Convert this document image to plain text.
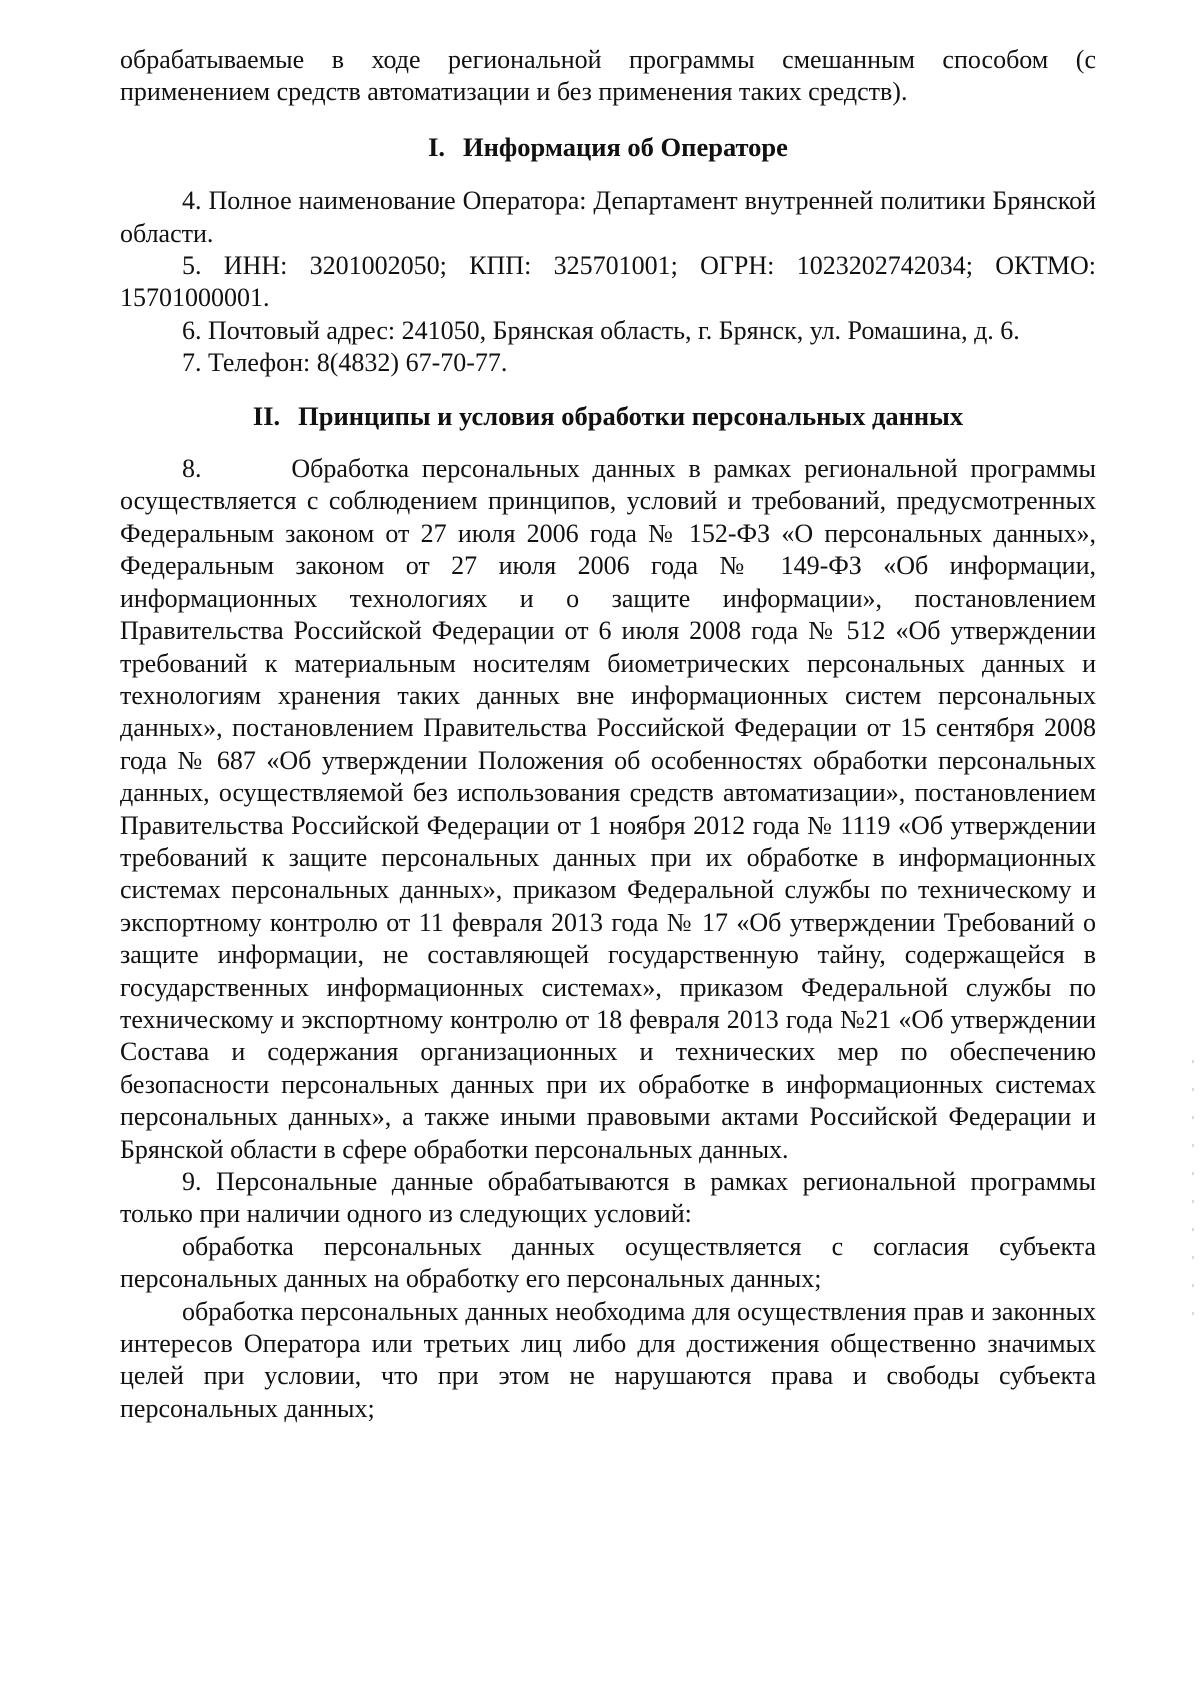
обрабатываемые в ходе региональной программы смешанным способом (с применением средств автоматизации и без применения таких средств).

I. Информация об Операторе

4. Полное наименование Оператора: Департамент внутренней политики Брянской области.

5. ИНН: 3201002050; КПП: 325701001; ОГРН: 1023202742034; ОКТМО: 15701000001.

6. Почтовый адрес: 241050, Брянская область, г. Брянск, ул. Ромашина, д. 6.

7. Телефон: 8(4832) 67-70-77.

II. Принципы и условия обработки персональных данных

8.       Обработка персональных данных в рамках региональной программы осуществляется с соблюдением принципов, условий и требований, предусмотренных Федеральным законом от 27 июля 2006 года № 152-ФЗ «О персональных данных», Федеральным законом от 27 июля 2006 года № 149-ФЗ «Об информации, информационных технологиях и о защите информации», постановлением Правительства Российской Федерации от 6 июля 2008 года № 512 «Об утверждении требований к материальным носителям биометрических персональных данных и технологиям хранения таких данных вне информационных систем персональных данных», постановлением Правительства Российской Федерации от 15 сентября 2008 года № 687 «Об утверждении Положения об особенностях обработки персональных данных, осуществляемой без использования средств автоматизации», постановлением Правительства Российской Федерации от 1 ноября 2012 года № 1119 «Об утверждении требований к защите персональных данных при их обработке в информационных системах персональных данных», приказом Федеральной службы по техническому и экспортному контролю от 11 февраля 2013 года № 17 «Об утверждении Требований о защите информации, не составляющей государственную тайну, содержащейся в государственных информационных системах», приказом Федеральной службы по техническому и экспортному контролю от 18 февраля 2013 года №21 «Об утверждении Состава и содержания организационных и технических мер по обеспечению безопасности персональных данных при их обработке в информационных системах персональных данных», а также иными правовыми актами Российской Федерации и Брянской области в сфере обработки персональных данных.

9. Персональные данные обрабатываются в рамках региональной программы только при наличии одного из следующих условий:

обработка персональных данных осуществляется с согласия субъекта персональных данных на обработку его персональных данных;

обработка персональных данных необходима для осуществления прав и законных интересов Оператора или третьих лиц либо для достижения общественно значимых целей при условии, что при этом не нарушаются права и свободы субъекта персональных данных;
